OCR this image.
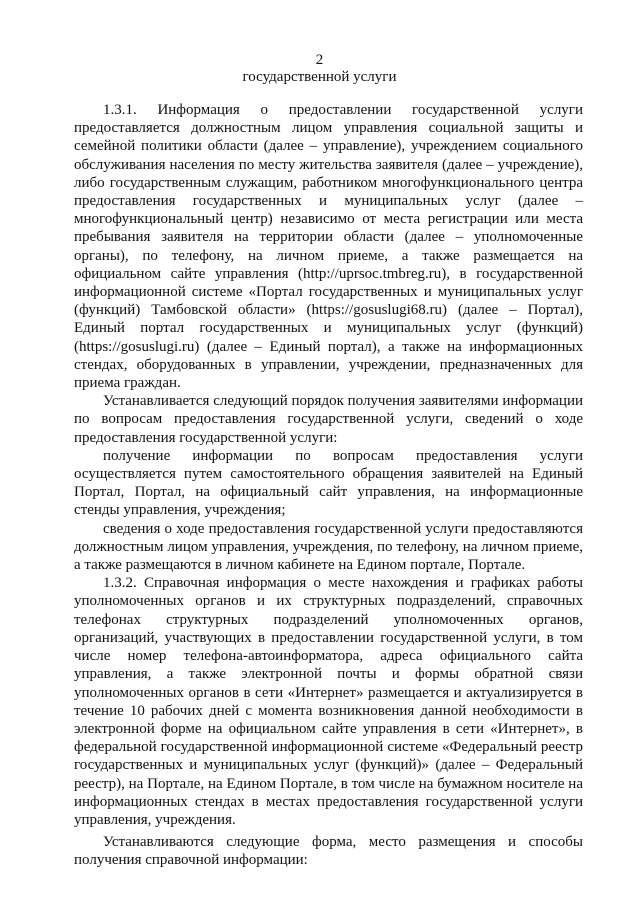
2
государственной услуги

1.3.1. Информация о предоставлении государственной услуги предоставляется должностным лицом управления социальной защиты и семейной политики области (далее – управление), учреждением социального обслуживания населения по месту жительства заявителя (далее – учреждение), либо государственным служащим, работником многофункционального центра предоставления государственных и муниципальных услуг (далее – многофункциональный центр) независимо от места регистрации или места пребывания заявителя на территории области (далее – уполномоченные органы), по телефону, на личном приеме, а также размещается на официальном сайте управления (http://uprsoc.tmbreg.ru), в государственной информационной системе «Портал государственных и муниципальных услуг (функций) Тамбовской области» (https://gosuslugi68.ru) (далее – Портал), Единый портал государственных и муниципальных услуг (функций) (https://gosuslugi.ru) (далее – Единый портал), а также на информационных стендах, оборудованных в управлении, учреждении, предназначенных для приема граждан.

Устанавливается следующий порядок получения заявителями информации по вопросам предоставления государственной услуги, сведений о ходе предоставления государственной услуги:

получение информации по вопросам предоставления услуги осуществляется путем самостоятельного обращения заявителей на Единый Портал, Портал, на официальный сайт управления, на информационные стенды управления, учреждения;

сведения о ходе предоставления государственной услуги предоставляются должностным лицом управления, учреждения, по телефону, на личном приеме, а также размещаются в личном кабинете на Едином портале, Портале.

1.3.2. Справочная информация о месте нахождения и графиках работы уполномоченных органов и их структурных подразделений, справочных телефонах структурных подразделений уполномоченных органов, организаций, участвующих в предоставлении государственной услуги, в том числе номер телефона-автоинформатора, адреса официального сайта управления, а также электронной почты и формы обратной связи уполномоченных органов в сети «Интернет» размещается и актуализируется в течение 10 рабочих дней с момента возникновения данной необходимости в электронной форме на официальном сайте управления в сети «Интернет», в федеральной государственной информационной системе «Федеральный реестр государственных и муниципальных услуг (функций)» (далее – Федеральный реестр), на Портале, на Едином Портале, в том числе на бумажном носителе на информационных стендах в местах предоставления государственной услуги управления, учреждения.

Устанавливаются следующие форма, место размещения и способы получения справочной информации:
